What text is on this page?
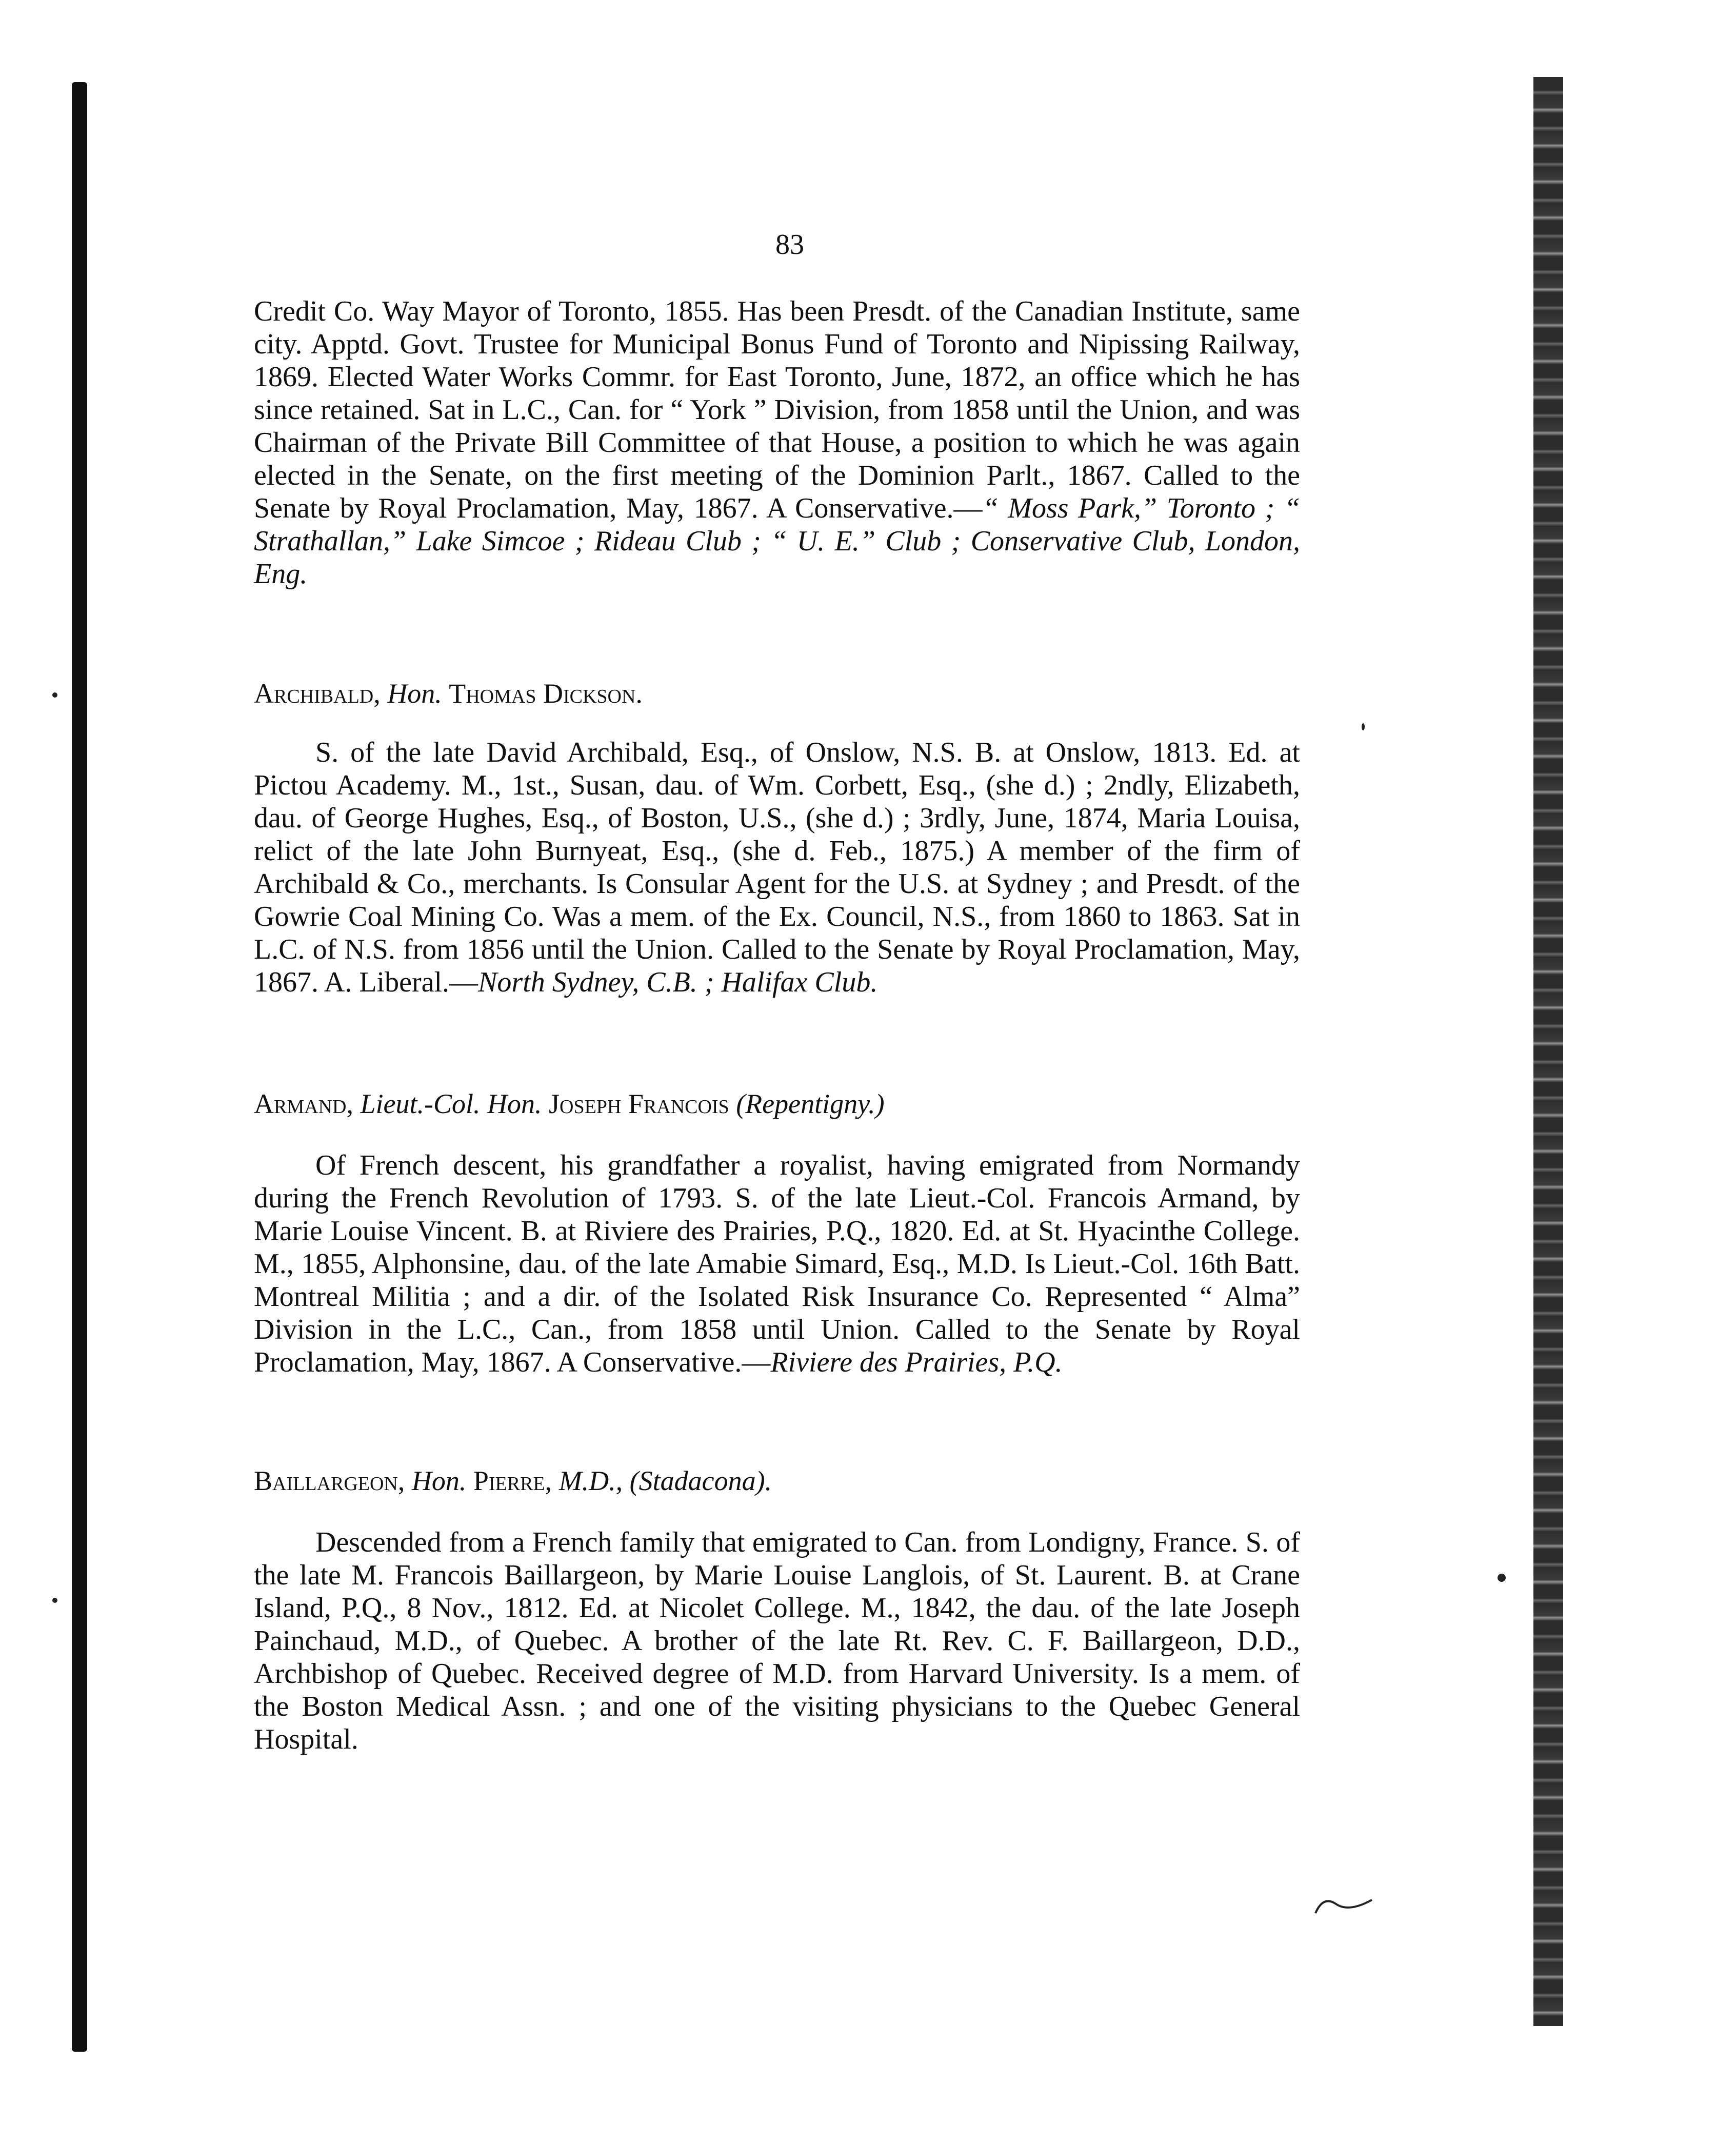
83
Credit Co. Way Mayor of Toronto, 1855. Has been Presdt. of the Canadian Institute, same city. Apptd. Govt. Trustee for Municipal Bonus Fund of Toronto and Nipissing Railway, 1869. Elected Water Works Commr. for East Toronto, June, 1872, an office which he has since retained. Sat in L.C., Can. for “ York ” Division, from 1858 until the Union, and was Chairman of the Private Bill Committee of that House, a position to which he was again elected in the Senate, on the first meeting of the Dominion Parlt., 1867. Called to the Senate by Royal Proclamation, May, 1867. A Conservative.—“ Moss Park,” Toronto ; “ Strathallan,” Lake Simcoe ; Rideau Club ; “ U. E.” Club ; Conservative Club, London, Eng.
Archibald, Hon. Thomas Dickson.
S. of the late David Archibald, Esq., of Onslow, N.S. B. at Onslow, 1813. Ed. at Pictou Academy. M., 1st., Susan, dau. of Wm. Corbett, Esq., (she d.) ; 2ndly, Elizabeth, dau. of George Hughes, Esq., of Boston, U.S., (she d.) ; 3rdly, June, 1874, Maria Louisa, relict of the late John Burnyeat, Esq., (she d. Feb., 1875.) A member of the firm of Archibald & Co., merchants. Is Consular Agent for the U.S. at Sydney ; and Presdt. of the Gowrie Coal Mining Co. Was a mem. of the Ex. Council, N.S., from 1860 to 1863. Sat in L.C. of N.S. from 1856 until the Union. Called to the Senate by Royal Proclamation, May, 1867. A. Liberal.—North Sydney, C.B. ; Halifax Club.
Armand, Lieut.-Col. Hon. Joseph Francois (Repentigny.)
Of French descent, his grandfather a royalist, having emigrated from Normandy during the French Revolution of 1793. S. of the late Lieut.-Col. Francois Armand, by Marie Louise Vincent. B. at Riviere des Prairies, P.Q., 1820. Ed. at St. Hyacinthe College. M., 1855, Alphonsine, dau. of the late Amabie Simard, Esq., M.D. Is Lieut.-Col. 16th Batt. Montreal Militia ; and a dir. of the Isolated Risk Insurance Co. Represented “ Alma” Division in the L.C., Can., from 1858 until Union. Called to the Senate by Royal Proclamation, May, 1867. A Conservative.—Riviere des Prairies, P.Q.
Baillargeon, Hon. Pierre, M.D., (Stadacona).
Descended from a French family that emigrated to Can. from Londigny, France. S. of the late M. Francois Baillargeon, by Marie Louise Langlois, of St. Laurent. B. at Crane Island, P.Q., 8 Nov., 1812. Ed. at Nicolet College. M., 1842, the dau. of the late Joseph Painchaud, M.D., of Quebec. A brother of the late Rt. Rev. C. F. Baillargeon, D.D., Archbishop of Quebec. Received degree of M.D. from Harvard University. Is a mem. of the Boston Medical Assn. ; and one of the visiting physicians to the Quebec General Hospital.
